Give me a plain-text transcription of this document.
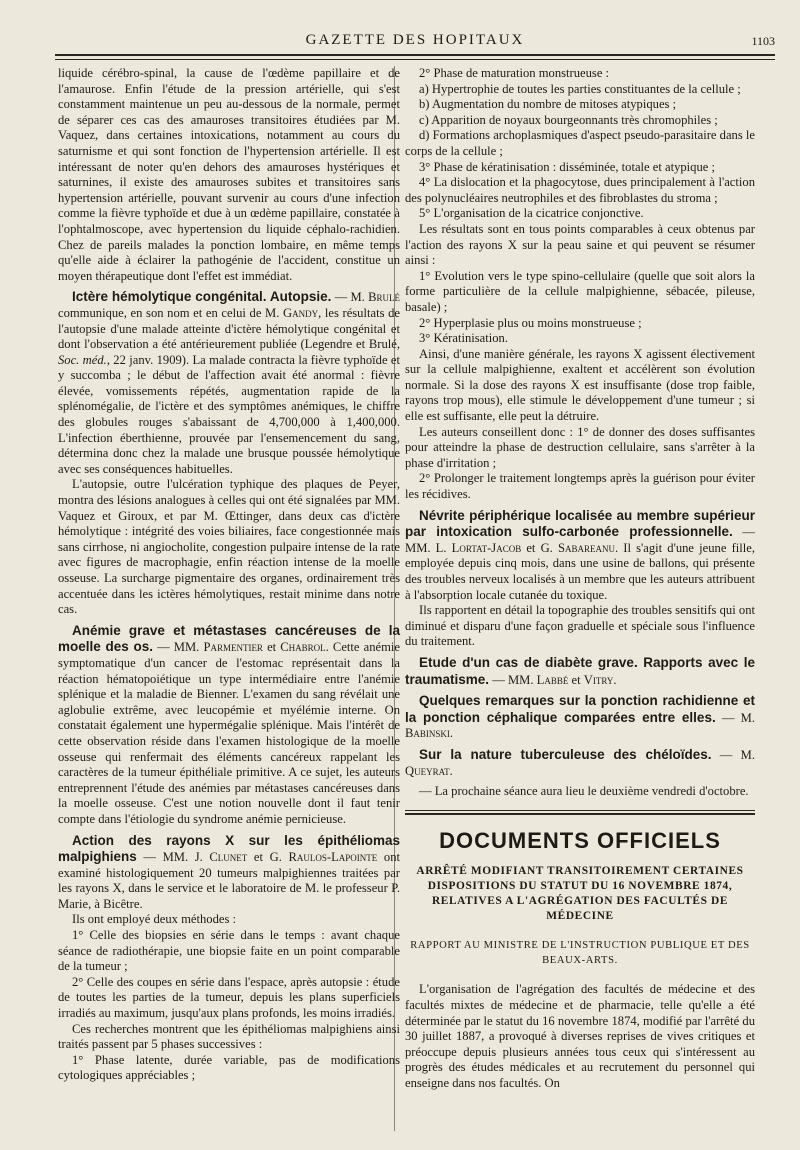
GAZETTE DES HOPITAUX	1103

liquide cérébro-spinal, la cause de l'œdème papillaire et de l'amaurose. Enfin l'étude de la pression artérielle, qui s'est constamment maintenue un peu au-dessous de la normale, permet de séparer ces cas des amauroses transitoires étudiées par M. Vaquez, dans certaines intoxications, notamment au cours du saturnisme et qui sont fonction de l'hypertension artérielle. Il est intéressant de noter qu'en dehors des amauroses hystériques et saturnines, il existe des amauroses subites et transitoires sans hypertension artérielle, pouvant survenir au cours d'une infection comme la fièvre typhoïde et due à un œdème papillaire, constatée à l'ophtalmoscope, avec hypertension du liquide céphalo-rachidien. Chez de pareils malades la ponction lombaire, en même temps qu'elle aide à éclairer la pathogénie de l'accident, constitue un moyen thérapeutique dont l'effet est immédiat.

Ictère hémolytique congénital. Autopsie. — M. Brulé communique, en son nom et en celui de M. Gandy, les résultats de l'autopsie d'une malade atteinte d'ictère hémolytique congénital et dont l'observation a été antérieurement publiée (Legendre et Brulé, Soc. méd., 22 janv. 1909). La malade contracta la fièvre typhoïde et y succomba ; le début de l'affection avait été anormal : fièvre élevée, vomissements répétés, augmentation rapide de la splénomégalie, de l'ictère et des symptômes anémiques, le chiffre des globules rouges s'abaissant de 4,700,000 à 1,400,000. L'infection éberthienne, prouvée par l'ensemencement du sang, détermina donc chez la malade une brusque poussée hémolytique avec ses conséquences habituelles.

L'autopsie, outre l'ulcération typhique des plaques de Peyer, montra des lésions analogues à celles qui ont été signalées par MM. Vaquez et Giroux, et par M. Œttinger, dans deux cas d'ictère hémolytique : intégrité des voies biliaires, face congestionnée mais sans cirrhose, ni angiocholite, congestion pulpaire intense de la rate avec figures de macrophagie, enfin réaction intense de la moelle osseuse. La surcharge pigmentaire des organes, ordinairement très accentuée dans les ictères hémolytiques, restait minime dans notre cas.

Anémie grave et métastases cancéreuses de la moelle des os. — MM. Parmentier et Chabrol. Cette anémie symptomatique d'un cancer de l'estomac représentait dans la réaction hématopoiétique un type intermédiaire entre l'anémie splénique et la maladie de Bienner. L'examen du sang révélait une aglobulie extrême, avec leucopémie et myélémie interne. On constatait également une hypermégalie splénique. Mais l'intérêt de cette observation réside dans l'examen histologique de la moelle osseuse qui renfermait des éléments cancéreux rappelant les caractères de la tumeur épithéliale primitive. A ce sujet, les auteurs entreprennent l'étude des anémies par métastases cancéreuses dans la moelle osseuse. C'est une notion nouvelle dont il faut tenir compte dans l'étiologie du syndrome anémie pernicieuse.

Action des rayons X sur les épithéliomas malpighiens — MM. J. Clunet et G. Raulos-Lapointe ont examiné histologiquement 20 tumeurs malpighiennes traitées par les rayons X, dans le service et le laboratoire de M. le professeur P. Marie, à Bicêtre.

Ils ont employé deux méthodes :

1° Celle des biopsies en série dans le temps : avant chaque séance de radiothérapie, une biopsie faite en un point comparable de la tumeur ;

2° Celle des coupes en série dans l'espace, après autopsie : étude de toutes les parties de la tumeur, depuis les plans superficiels irradiés au maximum, jusqu'aux plans profonds, les moins irradiés.

Ces recherches montrent que les épithéliomas malpighiens ainsi traités passent par 5 phases successives :

1° Phase latente, durée variable, pas de modifications cytologiques appréciables ;

2° Phase de maturation monstrueuse :

a) Hypertrophie de toutes les parties constituantes de la cellule ;

b) Augmentation du nombre de mitoses atypiques ;

c) Apparition de noyaux bourgeonnants très chromophiles ;

d) Formations archoplasmiques d'aspect pseudo-parasitaire dans le corps de la cellule ;

3° Phase de kératinisation : disséminée, totale et atypique ;

4° La dislocation et la phagocytose, dues principalement à l'action des polynucléaires neutrophiles et des fibroblastes du stroma ;

5° L'organisation de la cicatrice conjonctive.

Les résultats sont en tous points comparables à ceux obtenus par l'action des rayons X sur la peau saine et qui peuvent se résumer ainsi :

1° Evolution vers le type spino-cellulaire (quelle que soit alors la forme particulière de la cellule malpighienne, sébacée, pileuse, basale) ;

2° Hyperplasie plus ou moins monstrueuse ;

3° Kératinisation.

Ainsi, d'une manière générale, les rayons X agissent électivement sur la cellule malpighienne, exaltent et accélèrent son évolution normale. Si la dose des rayons X est insuffisante (dose trop faible, rayons trop mous), elle stimule le développement d'une tumeur ; si elle est suffisante, elle peut la détruire.

Les auteurs conseillent donc : 1° de donner des doses suffisantes pour atteindre la phase de destruction cellulaire, sans s'arrêter à la phase d'irritation ;

2° Prolonger le traitement longtemps après la guérison pour éviter les récidives.

Névrite périphérique localisée au membre supérieur par intoxication sulfo-carbonée professionnelle. — MM. L. Lortat-Jacob et G. Sabareanu. Il s'agit d'une jeune fille, employée depuis cinq mois, dans une usine de ballons, qui présente des troubles nerveux localisés à un membre que les auteurs attribuent à l'absorption locale cutanée du toxique.

Ils rapportent en détail la topographie des troubles sensitifs qui ont diminué et disparu d'une façon graduelle et spéciale sous l'influence du traitement.

Etude d'un cas de diabète grave. Rapports avec le traumatisme. — MM. Labbé et Vitry.

Quelques remarques sur la ponction rachidienne et la ponction céphalique comparées entre elles. — M. Babinski.

Sur la nature tuberculeuse des chéloïdes. — M. Queyrat.

— La prochaine séance aura lieu le deuxième vendredi d'octobre.

DOCUMENTS OFFICIELS

ARRÊTÉ MODIFIANT TRANSITOIREMENT CERTAINES DISPOSITIONS DU STATUT DU 16 NOVEMBRE 1874, RELATIVES A L'AGRÉGATION DES FACULTÉS DE MÉDECINE

RAPPORT AU MINISTRE DE L'INSTRUCTION PUBLIQUE ET DES BEAUX-ARTS.

L'organisation de l'agrégation des facultés de médecine et des facultés mixtes de médecine et de pharmacie, telle qu'elle a été déterminée par le statut du 16 novembre 1874, modifié par l'arrêté du 30 juillet 1887, a provoqué à diverses reprises de vives critiques et préoccupe depuis plusieurs années tous ceux qui s'intéressent au progrès des études médicales et au recrutement du personnel qui enseigne dans nos facultés. On
